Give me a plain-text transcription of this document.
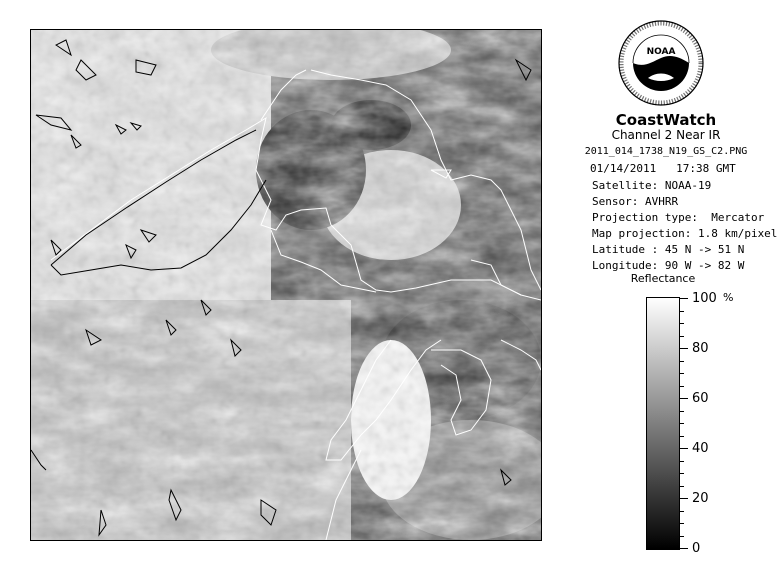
NOAA
CoastWatch
Channel 2 Near IR
2011_014_1738_N19_GS_C2.PNG
01/14/2011 17:38 GMT
Satellite: NOAA-19
Sensor: AVHRR
Projection type:  Mercator
Map projection: 1.8 km/pixel
Latitude : 45 N -> 51 N
Longitude: 90 W -> 82 W
Reflectance
0
20
40
60
80
100 %
